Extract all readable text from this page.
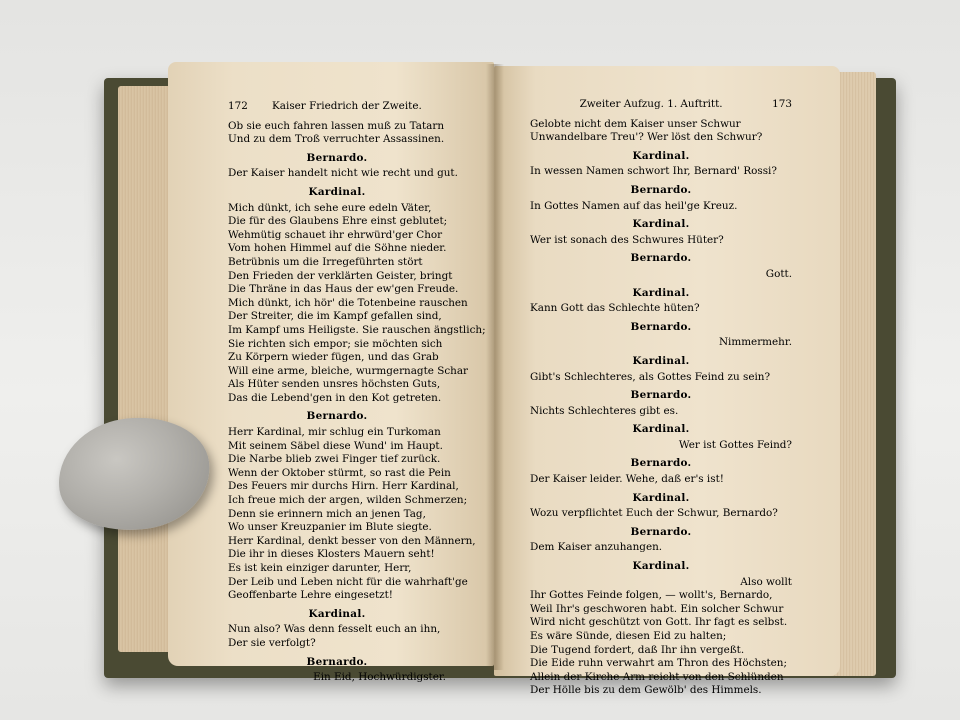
172 Kaiser Friedrich der Zweite.
Ob sie euch fahren lassen muß zu Tatarn
Und zu dem Troß verruchter Assassinen.
Bernardo.
Der Kaiser handelt nicht wie recht und gut.
Kardinal.
Mich dünkt, ich sehe eure edeln Väter,
Die für des Glaubens Ehre einst geblutet;
Wehmütig schauet ihr ehrwürd'ger Chor
Vom hohen Himmel auf die Söhne nieder.
Betrübnis um die Irregeführten stört
Den Frieden der verklärten Geister, bringt
Die Thräne in das Haus der ew'gen Freude.
Mich dünkt, ich hör' die Totenbeine rauschen
Der Streiter, die im Kampf gefallen sind,
Im Kampf ums Heiligste. Sie rauschen ängstlich;
Sie richten sich empor; sie möchten sich
Zu Körpern wieder fügen, und das Grab
Will eine arme, bleiche, wurmgernagte Schar
Als Hüter senden unsres höchsten Guts,
Das die Lebend'gen in den Kot getreten.
Bernardo.
Herr Kardinal, mir schlug ein Turkoman
Mit seinem Säbel diese Wund' im Haupt.
Die Narbe blieb zwei Finger tief zurück.
Wenn der Oktober stürmt, so rast die Pein
Des Feuers mir durchs Hirn. Herr Kardinal,
Ich freue mich der argen, wilden Schmerzen;
Denn sie erinnern mich an jenen Tag,
Wo unser Kreuzpanier im Blute siegte.
Herr Kardinal, denkt besser von den Männern,
Die ihr in dieses Klosters Mauern seht!
Es ist kein einziger darunter, Herr,
Der Leib und Leben nicht für die wahrhaft'ge
Geoffenbarte Lehre eingesetzt!
Kardinal.
Nun also? Was denn fesselt euch an ihn,
Der sie verfolgt?
Bernardo.
Ein Eid, Hochwürdigster.
Zweiter Aufzug. 1. Auftritt.	173
Gelobte nicht dem Kaiser unser Schwur
Unwandelbare Treu'? Wer löst den Schwur?
Kardinal.
In wessen Namen schwort Ihr, Bernard' Rossi?
Bernardo.
In Gottes Namen auf das heil'ge Kreuz.
Kardinal.
Wer ist sonach des Schwures Hüter?
Bernardo.
Gott.
Kardinal.
Kann Gott das Schlechte hüten?
Bernardo.
Nimmermehr.
Kardinal.
Gibt's Schlechteres, als Gottes Feind zu sein?
Bernardo.
Nichts Schlechteres gibt es.
Kardinal.
Wer ist Gottes Feind?
Bernardo.
Der Kaiser leider. Wehe, daß er's ist!
Kardinal.
Wozu verpflichtet Euch der Schwur, Bernardo?
Bernardo.
Dem Kaiser anzuhangen.
Kardinal.
Also wollt
Ihr Gottes Feinde folgen, — wollt's, Bernardo,
Weil Ihr's geschworen habt. Ein solcher Schwur
Wird nicht geschützt von Gott. Ihr fagt es selbst.
Es wäre Sünde, diesen Eid zu halten;
Die Tugend fordert, daß Ihr ihn vergeßt.
Die Eide ruhn verwahrt am Thron des Höchsten;
Allein der Kirche Arm reicht von den Schlünden
Der Hölle bis zu dem Gewölb' des Himmels.
